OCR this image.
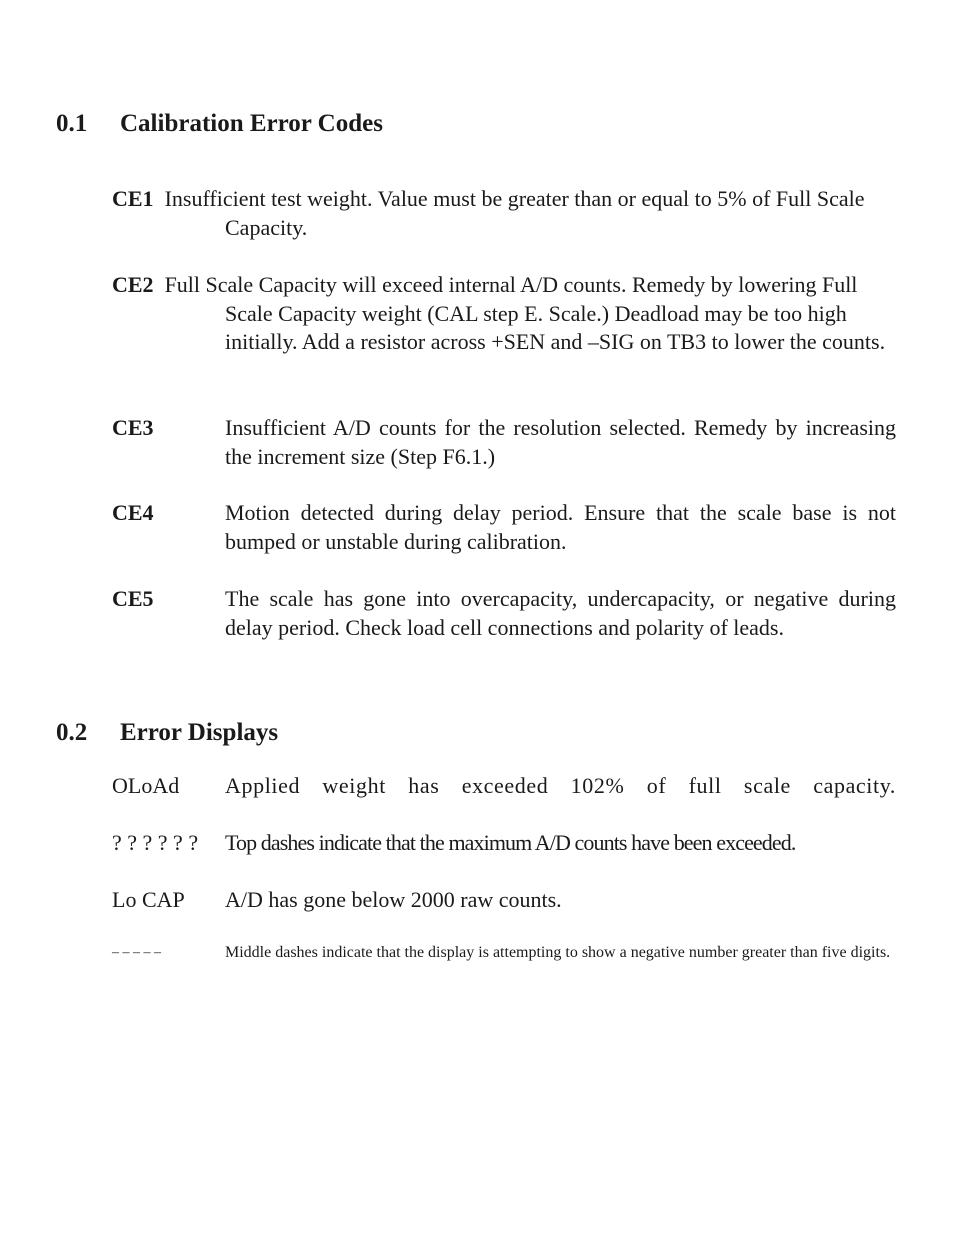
0.1 Calibration Error Codes
CE1 Insufficient test weight. Value must be greater than or equal to 5% of Full Scale Capacity.
CE2 Full Scale Capacity will exceed internal A/D counts. Remedy by lowering Full Scale Capacity weight (CAL step E. Scale.) Deadload may be too high initially. Add a resistor across +SEN and –SIG on TB3 to lower the counts.
CE3	Insufficient A/D counts for the resolution selected. Remedy by increasing the increment size (Step F6.1.)
CE4	Motion detected during delay period. Ensure that the scale base is not bumped or unstable during calibration.
CE5	The scale has gone into overcapacity, undercapacity, or negative during delay period. Check load cell connections and polarity of leads.
0.2 Error Displays
OLoAd	Applied weight has exceeded 102% of full scale capacity.
? ? ? ? ? ?	Top dashes indicate that the maximum A/D counts have been exceeded.
Lo CAP	A/D has gone below 2000 raw counts.
– – – – –	Middle dashes indicate that the display is attempting to show a negative number greater than five digits.
